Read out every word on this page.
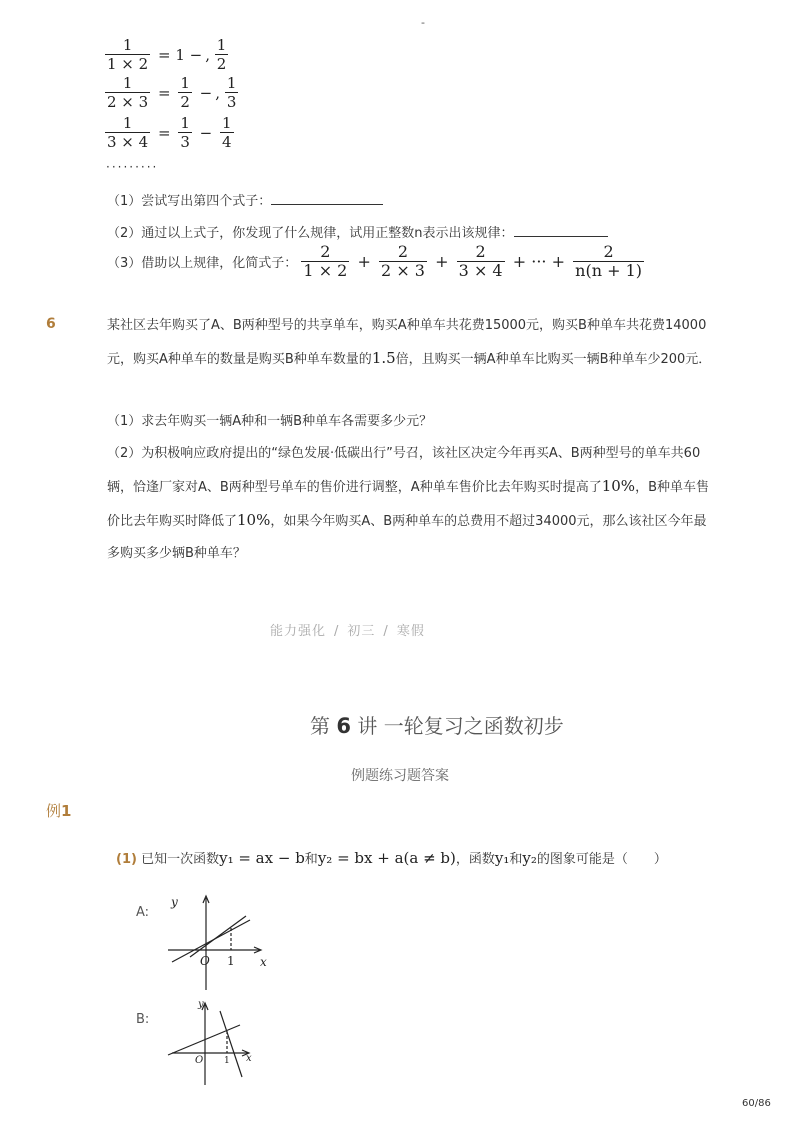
-
$\frac{1}{1 \times 2} = 1$ − , $\frac{1}{2}$
$\frac{1}{2 \times 3} = \frac{1}{2}$ − , $\frac{1}{3}$
$\frac{1}{3 \times 4} = \frac{1}{3} - \frac{1}{4}$
·········
（1）尝试写出第四个式子：
（2）通过以上式子，你发现了什么规律，试用正整数n表示出该规律：
（3）借助以上规律，化简式子： $\frac{2}{1 \times 2} + \frac{2}{2 \times 3} + \frac{2}{3 \times 4}$ + ··· + $\frac{2}{n(n + 1)}$
6	某社区去年购买了A、B两种型号的共享单车，购买A种单车共花费15000元，购买B种单车共花费14000元，购买A种单车的数量是购买B种单车数量的1.5倍，且购买一辆A种单车比购买一辆B种单车少200元．
（1）求去年购买一辆A种和一辆B种单车各需要多少元？
（2）为积极响应政府提出的“绿色发展·低碳出行”号召，该社区决定今年再买A、B两种型号的单车共60辆，恰逢厂家对A、B两种型号单车的售价进行调整，A种单车售价比去年购买时提高了10%，B种单车售价比去年购买时降低了10%，如果今年购买A、B两种单车的总费用不超过34000元，那么该社区今年最多购买多少辆B种单车？
能力强化 / 初三 / 寒假
第 6 讲 一轮复习之函数初步
例题练习题答案
例1
(1) 已知一次函数y₁ = ax − b和y₂ = bx + a(a ≠ b)，函数y₁和y₂的图象可能是（　　）
A:
y
x
O 1
B:
y
x
O 1
60/86
